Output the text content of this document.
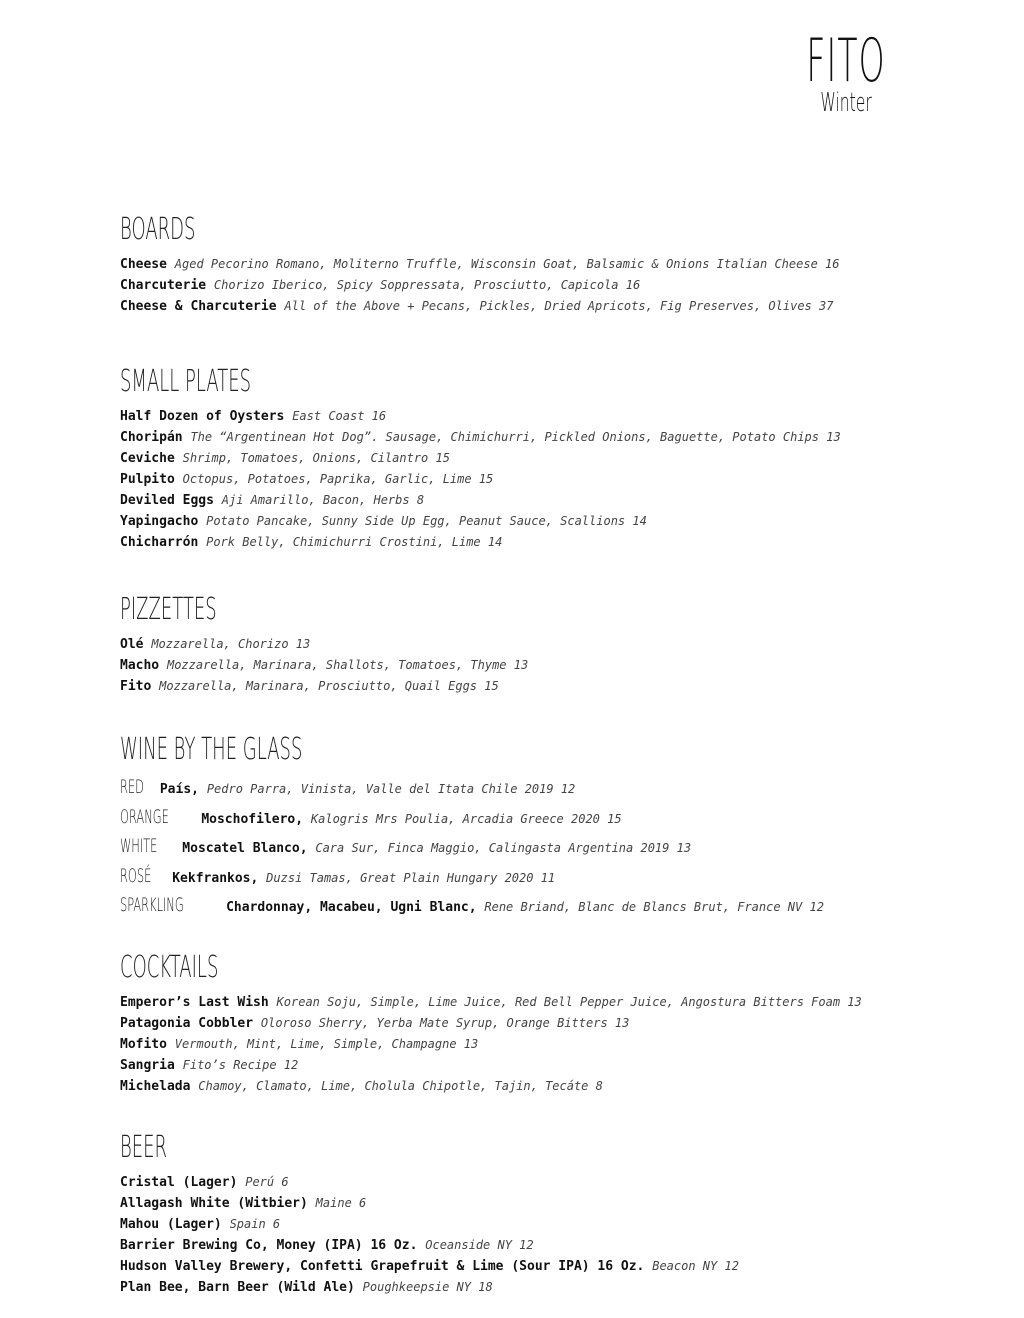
FITO
Winter
BOARDS
Cheese Aged Pecorino Romano, Moliterno Truffle, Wisconsin Goat, Balsamic & Onions Italian Cheese 16
Charcuterie Chorizo Iberico, Spicy Soppressata, Prosciutto, Capicola 16
Cheese & Charcuterie All of the Above + Pecans, Pickles, Dried Apricots, Fig Preserves, Olives 37
SMALL PLATES
Half Dozen of Oysters East Coast 16
Choripán The “Argentinean Hot Dog”. Sausage, Chimichurri, Pickled Onions, Baguette, Potato Chips 13
Ceviche Shrimp, Tomatoes, Onions, Cilantro 15
Pulpito Octopus, Potatoes, Paprika, Garlic, Lime 15
Deviled Eggs Aji Amarillo, Bacon, Herbs 8
Yapingacho Potato Pancake, Sunny Side Up Egg, Peanut Sauce, Scallions 14
Chicharrón Pork Belly, Chimichurri Crostini, Lime 14
PIZZETTES
Olé Mozzarella, Chorizo 13
Macho Mozzarella, Marinara, Shallots, Tomatoes, Thyme 13
Fito Mozzarella, Marinara, Prosciutto, Quail Eggs 15
WINE BY THE GLASS
RED País, Pedro Parra, Vinista, Valle del Itata Chile 2019 12
ORANGE	Moschofilero, Kalogris Mrs Poulia, Arcadia Greece 2020 15
WHITE Moscatel Blanco, Cara Sur, Finca Maggio, Calingasta Argentina 2019 13
ROSÉ Kekfrankos, Duzsi Tamas, Great Plain Hungary 2020 11
SPARKLING	Chardonnay, Macabeu, Ugni Blanc, Rene Briand, Blanc de Blancs Brut, France NV 12
COCKTAILS
Emperor’s Last Wish Korean Soju, Simple, Lime Juice, Red Bell Pepper Juice, Angostura Bitters Foam 13
Patagonia Cobbler Oloroso Sherry, Yerba Mate Syrup, Orange Bitters 13
Mofito Vermouth, Mint, Lime, Simple, Champagne 13
Sangria Fito’s Recipe 12
Michelada Chamoy, Clamato, Lime, Cholula Chipotle, Tajin, Tecáte 8
BEER
Cristal (Lager) Perú 6
Allagash White (Witbier) Maine 6
Mahou (Lager) Spain 6
Barrier Brewing Co, Money (IPA) 16 Oz. Oceanside NY 12
Hudson Valley Brewery, Confetti Grapefruit & Lime (Sour IPA) 16 Oz. Beacon NY 12
Plan Bee, Barn Beer (Wild Ale) Poughkeepsie NY 18
